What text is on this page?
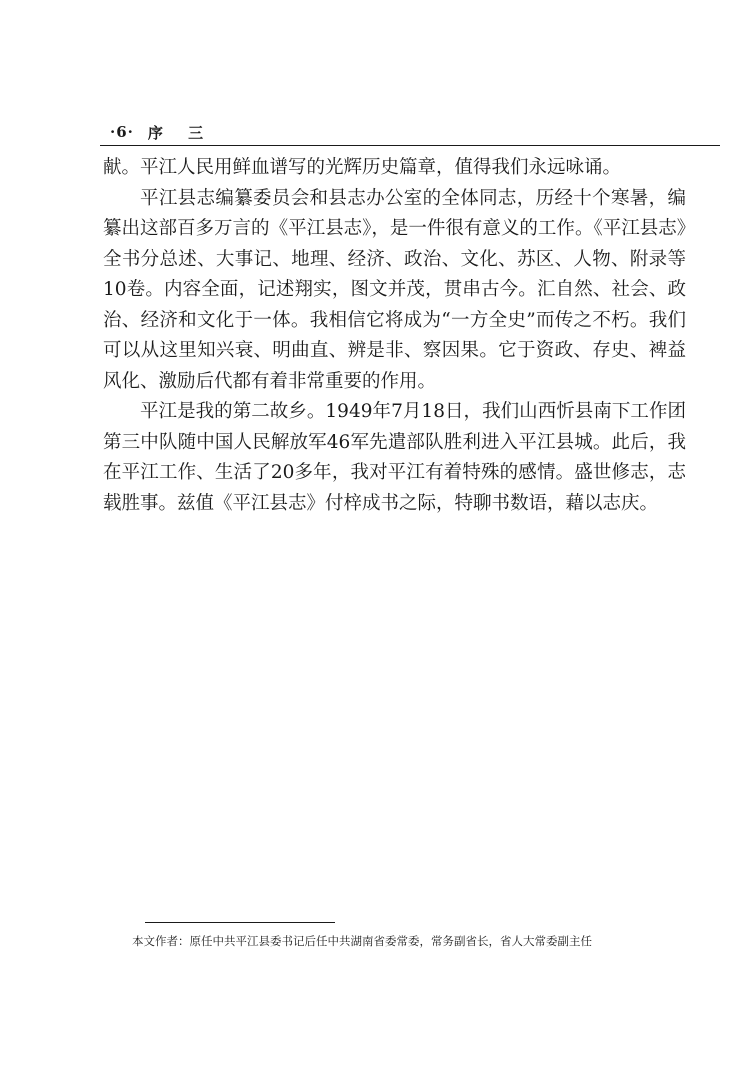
·6· 序 三

献。平江人民用鲜血谱写的光辉历史篇章，值得我们永远咏诵。

平江县志编纂委员会和县志办公室的全体同志，历经十个寒暑，编纂出这部百多万言的《平江县志》，是一件很有意义的工作。《平江县志》全书分总述、大事记、地理、经济、政治、文化、苏区、人物、附录等10卷。内容全面，记述翔实，图文并茂，贯串古今。汇自然、社会、政治、经济和文化于一体。我相信它将成为“一方全史”而传之不朽。我们可以从这里知兴衰、明曲直、辨是非、察因果。它于资政、存史、裨益风化、激励后代都有着非常重要的作用。

平江是我的第二故乡。1949年7月18日，我们山西忻县南下工作团第三中队随中国人民解放军46军先遣部队胜利进入平江县城。此后，我在平江工作、生活了20多年，我对平江有着特殊的感情。盛世修志，志载胜事。兹值《平江县志》付梓成书之际，特聊书数语，藉以志庆。

本文作者：原任中共平江县委书记后任中共湖南省委常委，常务副省长，省人大常委副主任
